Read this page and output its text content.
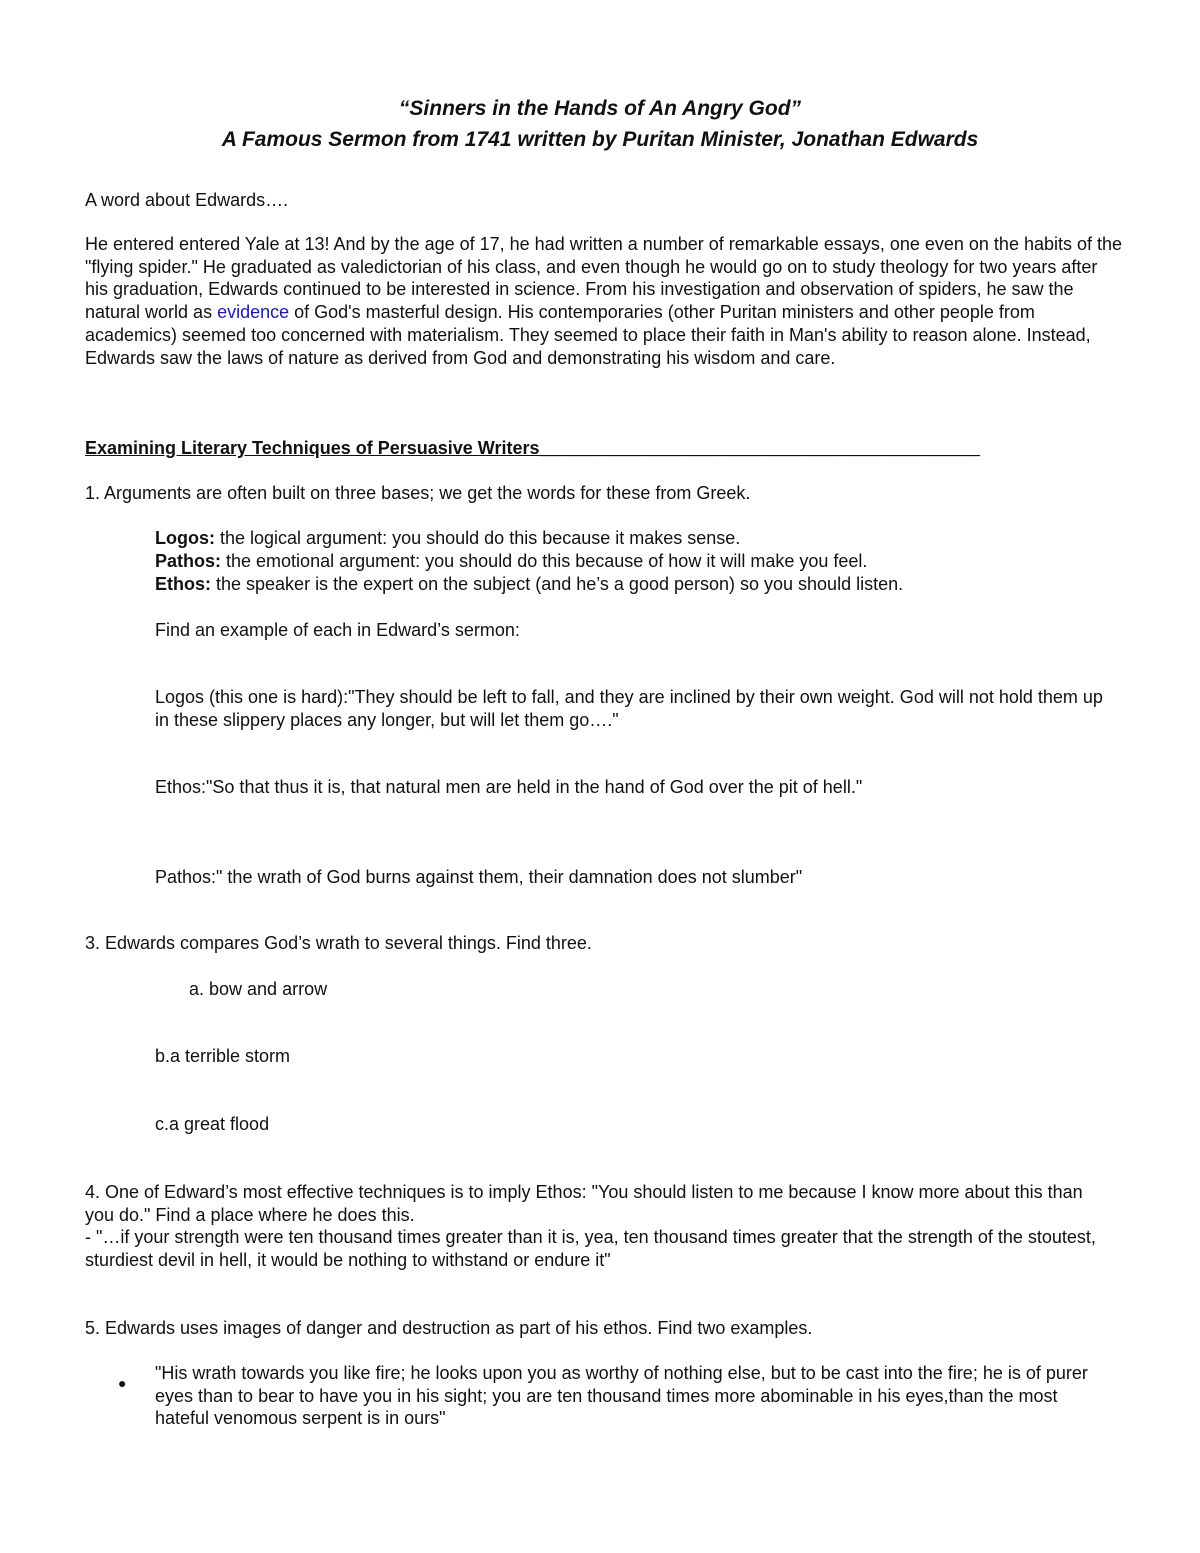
“Sinners in the Hands of An Angry God”
A Famous Sermon from 1741 written by Puritan Minister, Jonathan Edwards

A word about Edwards….

He entered entered Yale at 13! And by the age of 17, he had written a number of remarkable essays, one even on the habits of the "flying spider." He graduated as valedictorian of his class, and even though he would go on to study theology for two years after his graduation, Edwards continued to be interested in science. From his investigation and observation of spiders, he saw the natural world as evidence of God's masterful design. His contemporaries (other Puritan ministers and other people from academics) seemed too concerned with materialism. They seemed to place their faith in Man's ability to reason alone. Instead, Edwards saw the laws of nature as derived from God and demonstrating his wisdom and care.

Examining Literary Techniques of Persuasive Writers____________________________________________

1. Arguments are often built on three bases; we get the words for these from Greek.

Logos: the logical argument: you should do this because it makes sense.

Pathos: the emotional argument: you should do this because of how it will make you feel.

Ethos: the speaker is the expert on the subject (and he’s a good person) so you should listen.

Find an example of each in Edward’s sermon:

Logos (this one is hard):"They should be left to fall, and they are inclined by their own weight. God will not hold them up in these slippery places any longer, but will let them go…."

Ethos:"So that thus it is, that natural men are held in the hand of God over the pit of hell."

Pathos:" the wrath of God burns against them, their damnation does not slumber"

3. Edwards compares God’s wrath to several things. Find three.

a. bow and arrow

b.a terrible storm

c.a great flood

4. One of Edward’s most effective techniques is to imply Ethos: "You should listen to me because I know more about this than you do." Find a place where he does this.

- "…if your strength were ten thousand times greater than it is, yea, ten thousand times greater that the strength of the stoutest, sturdiest devil in hell, it would be nothing to withstand or endure it"

5. Edwards uses images of danger and destruction as part of his ethos. Find two examples.

● "His wrath towards you like fire; he looks upon you as worthy of nothing else, but to be cast into the fire; he is of purer eyes than to bear to have you in his sight; you are ten thousand times more abominable in his eyes,than the most hateful venomous serpent is in ours"
